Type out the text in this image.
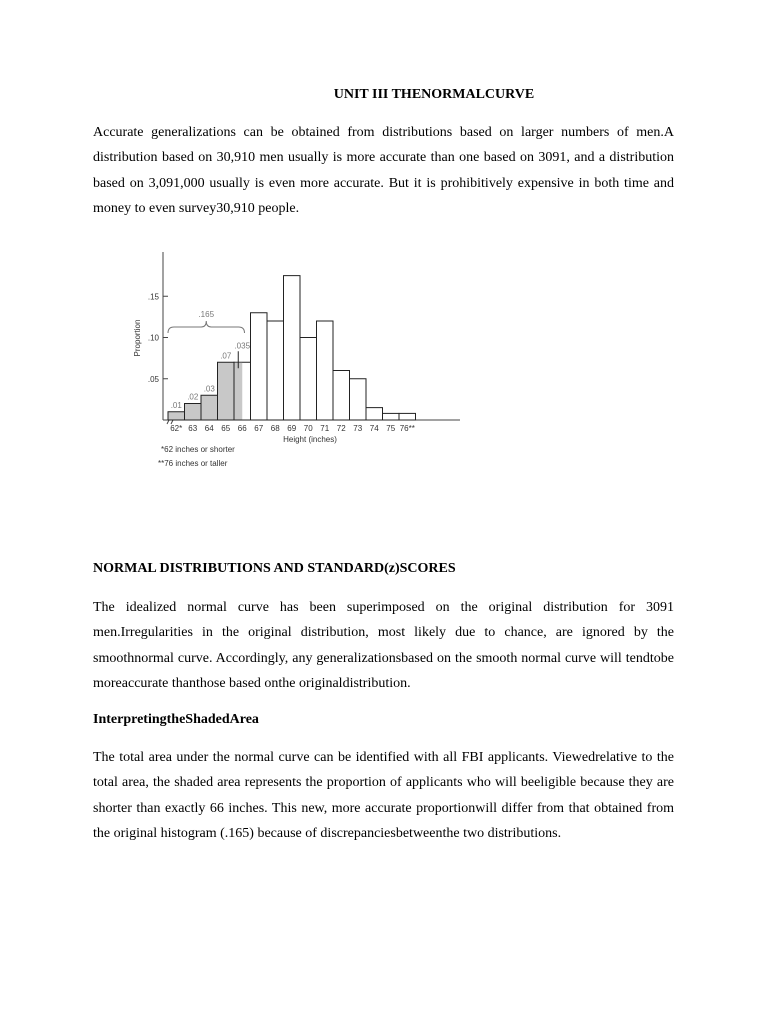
UNIT III THENORMALCURVE

Accurate generalizations can be obtained from distributions based on larger numbers of men.A distribution based on 30,910 men usually is more accurate than one based on 3091, and a distribution based on 3,091,000 usually is even more accurate. But it is prohibitively expensive in both time and money to even survey30,910 people.

.05
.10
.15
Proportion
62* 63 64 65 66 67 68 69 70 71 72 73 74 75 76**
.01
.02
.03
.07
.035
.165
Height (inches)
*62 inches or shorter
**76 inches or taller
NORMAL DISTRIBUTIONS AND STANDARD(z)SCORES

The idealized normal curve has been superimposed on the original distribution for 3091 men.Irregularities in the original distribution, most likely due to chance, are ignored by the smoothnormal curve. Accordingly, any generalizationsbased on the smooth normal curve will tendtobe moreaccurate thanthose based onthe originaldistribution.

InterpretingtheShadedArea

The total area under the normal curve can be identified with all FBI applicants. Viewedrelative to the total area, the shaded area represents the proportion of applicants who will beeligible because they are shorter than exactly 66 inches. This new, more accurate proportionwill differ from that obtained from the original histogram (.165) because of discrepanciesbetweenthe two distributions.
